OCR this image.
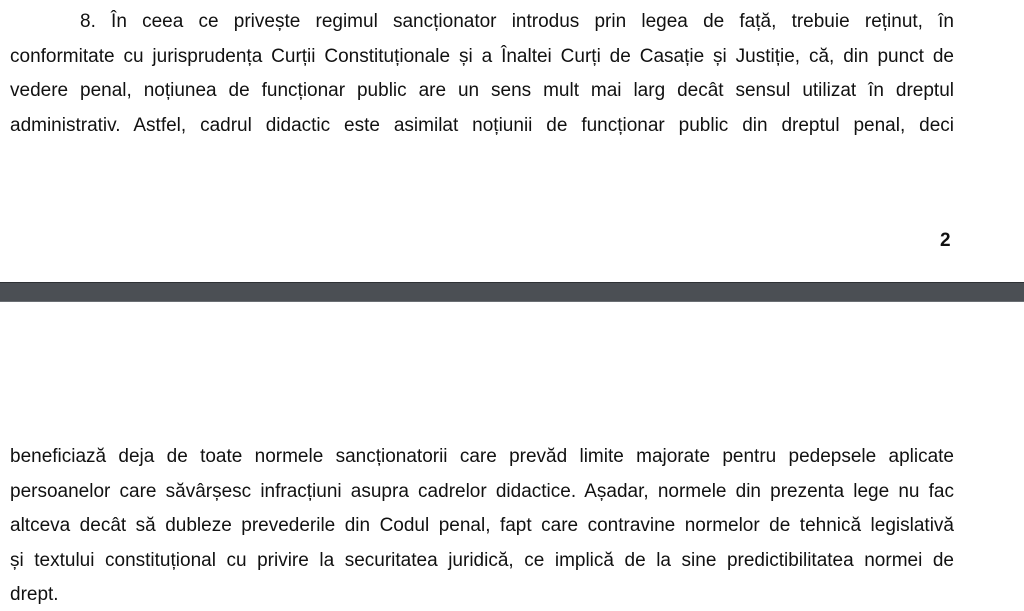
8. În ceea ce privește regimul sancționator introdus prin legea de față, trebuie reținut, în
conformitate cu jurisprudența Curții Constituționale și a Înaltei Curți de Casație și Justiție, că, din punct de
vedere penal, noțiunea de funcționar public are un sens mult mai larg decât sensul utilizat în dreptul
administrativ. Astfel, cadrul didactic este asimilat noțiunii de funcționar public din dreptul penal, deci

2

beneficiază deja de toate normele sancționatorii care prevăd limite majorate pentru pedepsele aplicate
persoanelor care săvârșesc infracțiuni asupra cadrelor didactice. Așadar, normele din prezenta lege nu fac
altceva decât să dubleze prevederile din Codul penal, fapt care contravine normelor de tehnică legislativă
și textului constituțional cu privire la securitatea juridică, ce implică de la sine predictibilitatea normei de
drept.
